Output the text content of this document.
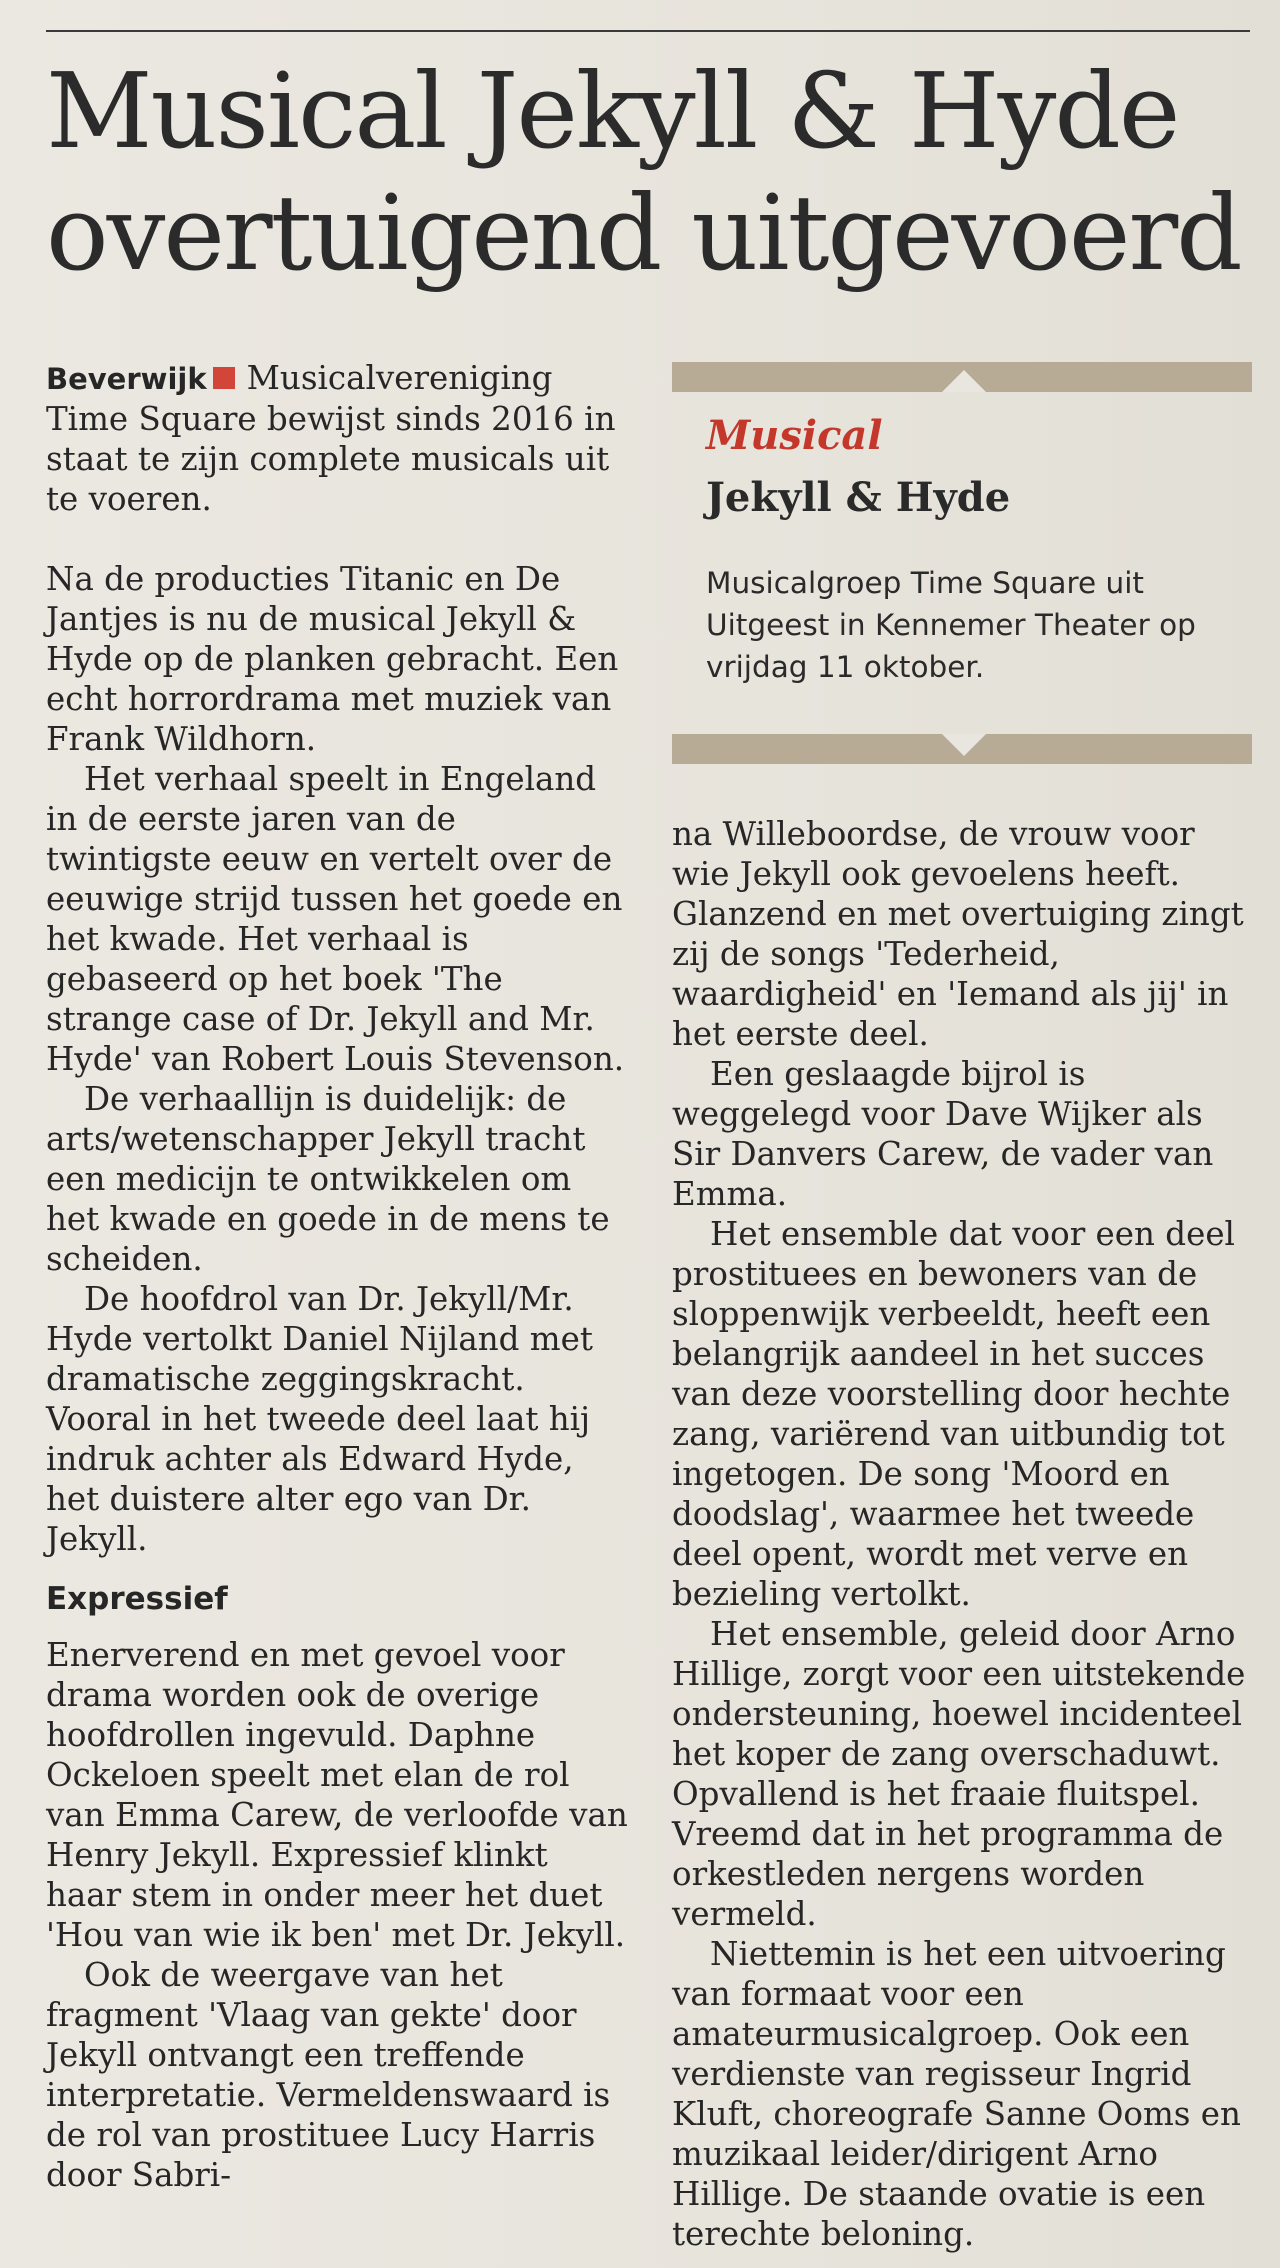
Musical Jekyll & Hyde
overtuigend uitgevoerd

Beverwijk Musicalvereniging Time Square bewijst sinds 2016 in staat te zijn complete musicals uit te voeren.

Na de producties Titanic en De Jantjes is nu de musical Jekyll & Hyde op de planken gebracht. Een echt horrordrama met muziek van Frank Wildhorn.

Het verhaal speelt in Engeland in de eerste jaren van de twintigste eeuw en vertelt over de eeuwige strijd tussen het goede en het kwade. Het verhaal is gebaseerd op het boek 'The strange case of Dr. Jekyll and Mr. Hyde' van Robert Louis Stevenson.

De verhaallijn is duidelijk: de arts/wetenschapper Jekyll tracht een medicijn te ontwikkelen om het kwade en goede in de mens te scheiden.

De hoofdrol van Dr. Jekyll/Mr. Hyde vertolkt Daniel Nijland met dramatische zeggingskracht. Vooral in het tweede deel laat hij indruk achter als Edward Hyde, het duistere alter ego van Dr. Jekyll.

Expressief

Enerverend en met gevoel voor drama worden ook de overige hoofdrollen ingevuld. Daphne Ockeloen speelt met elan de rol van Emma Carew, de verloofde van Henry Jekyll. Expressief klinkt haar stem in onder meer het duet 'Hou van wie ik ben' met Dr. Jekyll.

Ook de weergave van het fragment 'Vlaag van gekte' door Jekyll ontvangt een treffende interpretatie. Vermeldenswaard is de rol van prostituee Lucy Harris door Sabri-

Musical

Jekyll & Hyde

Musicalgroep Time Square uit Uitgeest in Kennemer Theater op vrijdag 11 oktober.

na Willeboordse, de vrouw voor wie Jekyll ook gevoelens heeft. Glanzend en met overtuiging zingt zij de songs 'Tederheid, waardigheid' en 'Iemand als jij' in het eerste deel.

Een geslaagde bijrol is weggelegd voor Dave Wijker als Sir Danvers Carew, de vader van Emma.

Het ensemble dat voor een deel prostituees en bewoners van de sloppenwijk verbeeldt, heeft een belangrijk aandeel in het succes van deze voorstelling door hechte zang, variërend van uitbundig tot ingetogen. De song 'Moord en doodslag', waarmee het tweede deel opent, wordt met verve en bezieling vertolkt.

Het ensemble, geleid door Arno Hillige, zorgt voor een uitstekende ondersteuning, hoewel incidenteel het koper de zang overschaduwt. Opvallend is het fraaie fluitspel. Vreemd dat in het programma de orkestleden nergens worden vermeld.

Niettemin is het een uitvoering van formaat voor een amateurmusicalgroep. Ook een verdienste van regisseur Ingrid Kluft, choreografe Sanne Ooms en muzikaal leider/dirigent Arno Hillige. De staande ovatie is een terechte beloning.
